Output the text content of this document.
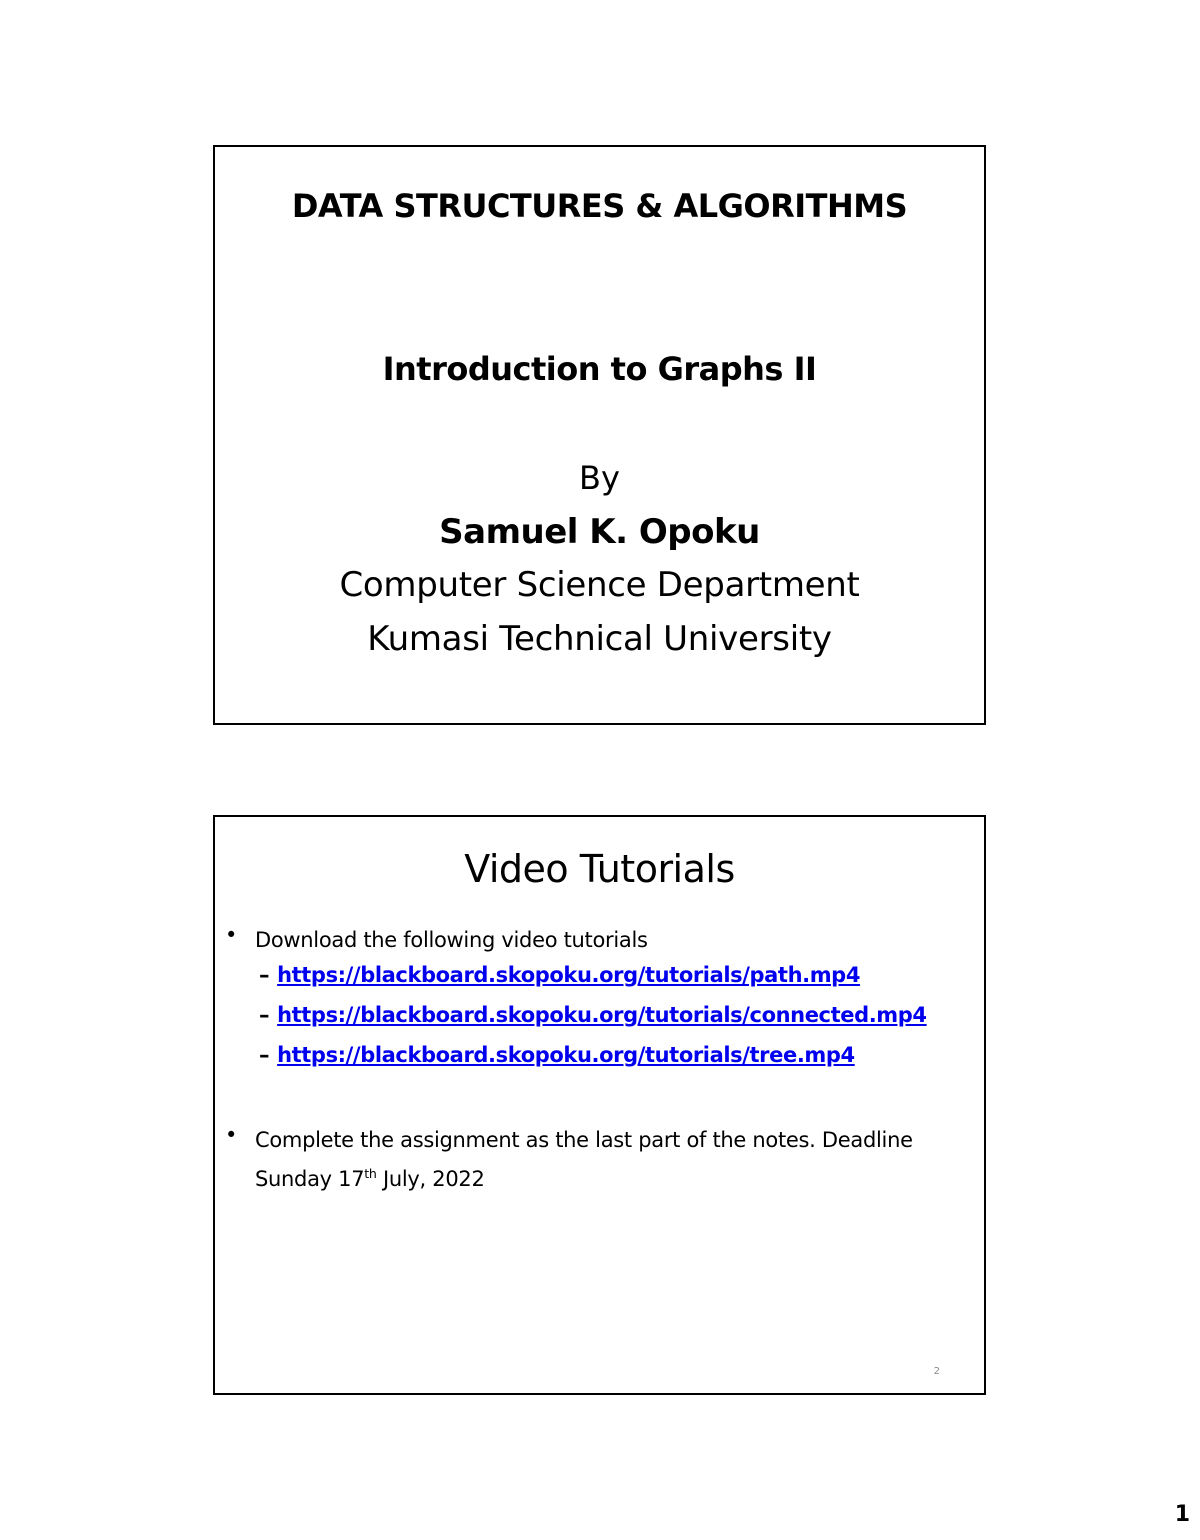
DATA STRUCTURES & ALGORITHMS
Introduction to Graphs II
By
Samuel K. Opoku
Computer Science Department
Kumasi Technical University
Video Tutorials
• Download the following video tutorials
– https://blackboard.skopoku.org/tutorials/path.mp4
– https://blackboard.skopoku.org/tutorials/connected.mp4
– https://blackboard.skopoku.org/tutorials/tree.mp4
• Complete the assignment as the last part of the notes. Deadline Sunday 17th July, 2022
2
1
